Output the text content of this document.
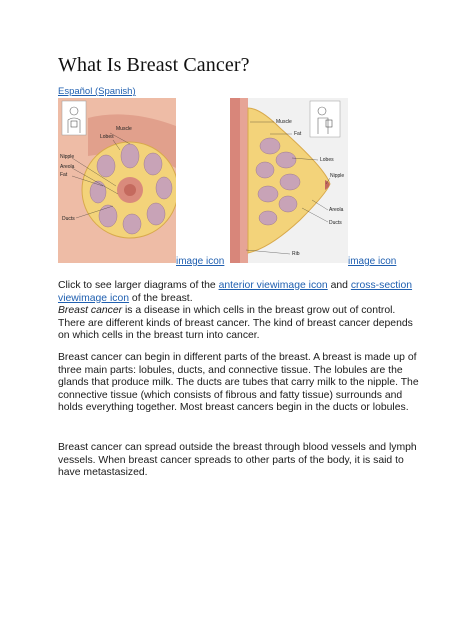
What Is Breast Cancer?
Español (Spanish)
Muscle
Lobes
Nipple
Areola
Fat
Ducts
image icon
Muscle
Fat
Lobes
Nipple
Areola
Ducts
Rib
image icon

Click to see larger diagrams of the anterior viewimage icon and cross-section viewimage icon of the breast.
Breast cancer is a disease in which cells in the breast grow out of control. There are different kinds of breast cancer. The kind of breast cancer depends on which cells in the breast turn into cancer.

Breast cancer can begin in different parts of the breast. A breast is made up of three main parts: lobules, ducts, and connective tissue. The lobules are the glands that produce milk. The ducts are tubes that carry milk to the nipple. The connective tissue (which consists of fibrous and fatty tissue) surrounds and holds everything together. Most breast cancers begin in the ducts or lobules.

Breast cancer can spread outside the breast through blood vessels and lymph vessels. When breast cancer spreads to other parts of the body, it is said to have metastasized.
